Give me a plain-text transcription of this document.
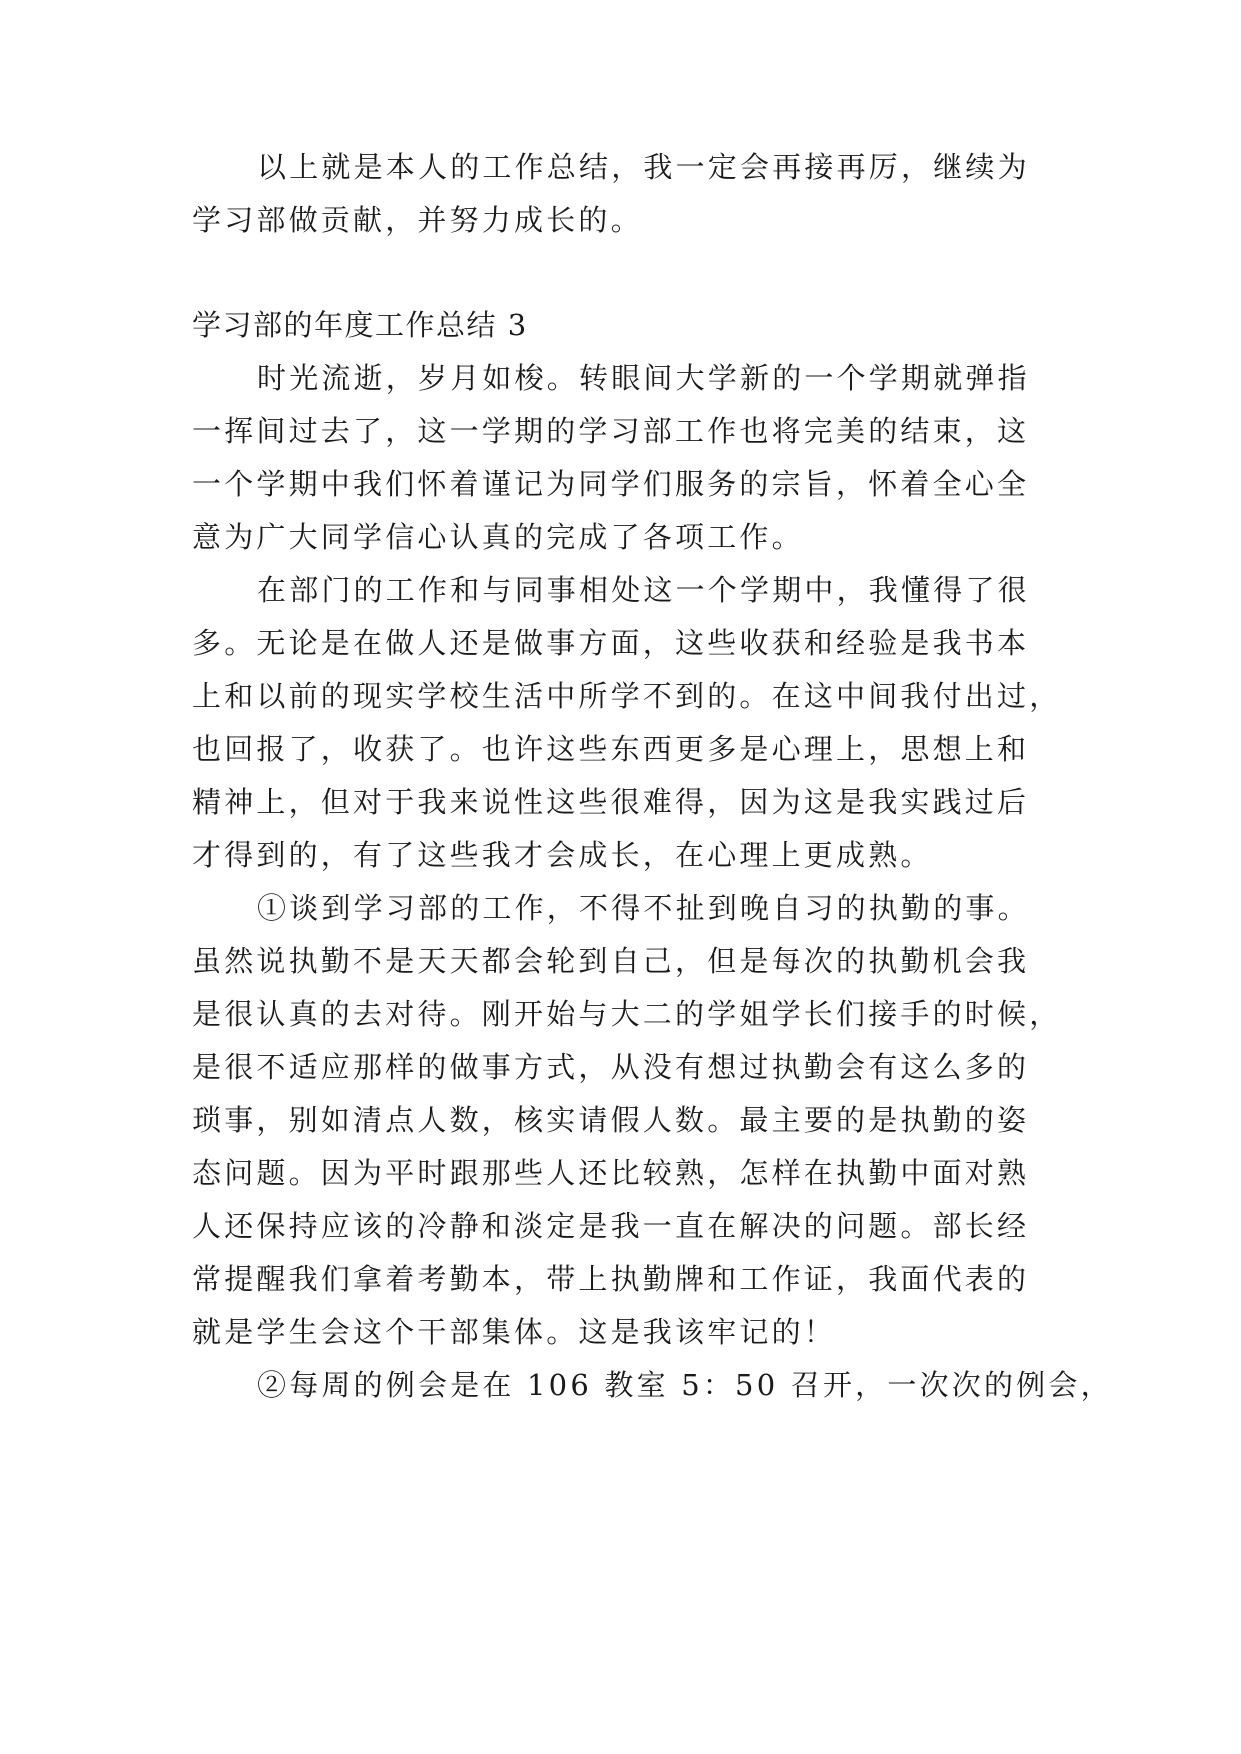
以上就是本人的工作总结，我一定会再接再厉，继续为
学习部做贡献，并努力成长的。
学习部的年度工作总结 3
时光流逝，岁月如梭。转眼间大学新的一个学期就弹指
一挥间过去了，这一学期的学习部工作也将完美的结束，这
一个学期中我们怀着谨记为同学们服务的宗旨，怀着全心全
意为广大同学信心认真的完成了各项工作。
在部门的工作和与同事相处这一个学期中，我懂得了很
多。无论是在做人还是做事方面，这些收获和经验是我书本
上和以前的现实学校生活中所学不到的。在这中间我付出过，
也回报了，收获了。也许这些东西更多是心理上，思想上和
精神上，但对于我来说性这些很难得，因为这是我实践过后
才得到的，有了这些我才会成长，在心理上更成熟。
①谈到学习部的工作，不得不扯到晚自习的执勤的事。
虽然说执勤不是天天都会轮到自己，但是每次的执勤机会我
是很认真的去对待。刚开始与大二的学姐学长们接手的时候，
是很不适应那样的做事方式，从没有想过执勤会有这么多的
琐事，别如清点人数，核实请假人数。最主要的是执勤的姿
态问题。因为平时跟那些人还比较熟，怎样在执勤中面对熟
人还保持应该的冷静和淡定是我一直在解决的问题。部长经
常提醒我们拿着考勤本，带上执勤牌和工作证，我面代表的
就是学生会这个干部集体。这是我该牢记的！
②每周的例会是在 106 教室 5：50 召开，一次次的例会，
